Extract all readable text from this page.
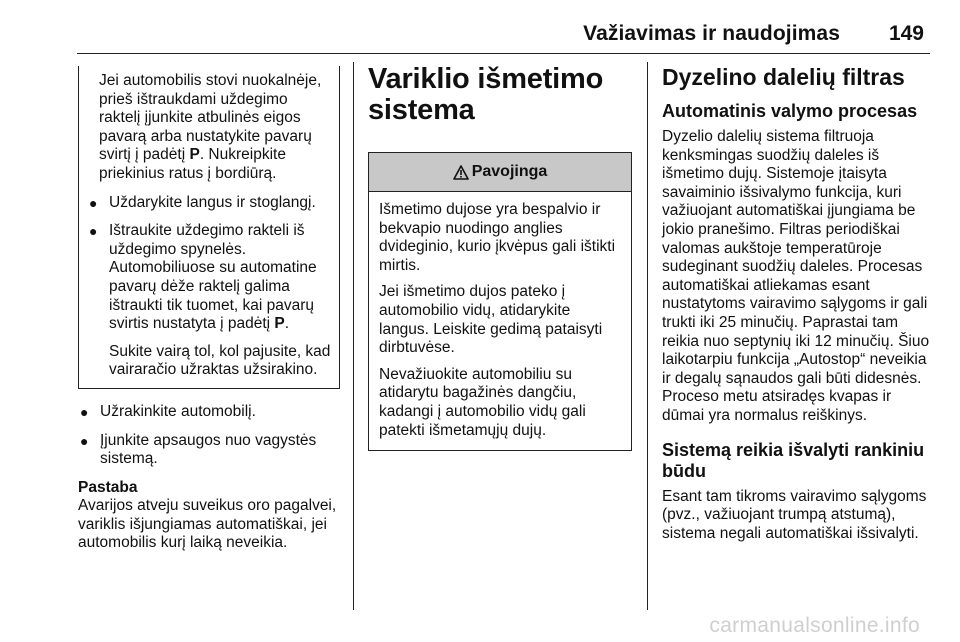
Važiavimas ir naudojimas 149

Jei automobilis stovi nuokalnėje, prieš ištraukdami uždegimo raktelį įjunkite atbulinės eigos pavarą arba nustatykite pavarų svirtį į padėtį P. Nukreipkite priekinius ratus į bordiūrą.

● Uždarykite langus ir stoglangį.
● Ištraukite uždegimo rakteli iš uždegimo spynelės. Automobiliuose su automatine pavarų dėže raktelį galima ištraukti tik tuomet, kai pavarų svirtis nustatyta į padėtį P.

Sukite vairą tol, kol pajusite, kad vairaračio užraktas užsirakino.

● Užrakinkite automobilį.
● Įjunkite apsaugos nuo vagystės sistemą.
Pastaba

Avarijos atveju suveikus oro pagalvei, variklis išjungiamas automatiškai, jei automobilis kurį laiką neveikia.

Variklio išmetimo
sistema
Pavojinga

Išmetimo dujose yra bespalvio ir bekvapio nuodingo anglies dvideginio, kurio įkvėpus gali ištikti mirtis.

Jei išmetimo dujos pateko į automobilio vidų, atidarykite langus. Leiskite gedimą pataisyti dirbtuvėse.

Nevažiuokite automobiliu su atidarytu bagažinės dangčiu, kadangi į automobilio vidų gali patekti išmetamųjų dujų.

Dyzelino dalelių filtras
Automatinis valymo procesas

Dyzelio dalelių sistema filtruoja kenksmingas suodžių daleles iš išmetimo dujų. Sistemoje įtaisyta savaiminio išsivalymo funkcija, kuri važiuojant automatiškai įjungiama be jokio pranešimo. Filtras periodiškai valomas aukštoje temperatūroje sudeginant suodžių daleles. Procesas automatiškai atliekamas esant nustatytoms vairavimo sąlygoms ir gali trukti iki 25 minučių. Paprastai tam reikia nuo septynių iki 12 minučių. Šiuo laikotarpiu funkcija „Autostop“ neveikia ir degalų sąnaudos gali būti didesnės. Proceso metu atsiradęs kvapas ir dūmai yra normalus reiškinys.

Sistemą reikia išvalyti rankiniu būdu

Esant tam tikroms vairavimo sąlygoms (pvz., važiuojant trumpą atstumą), sistema negali automatiškai išsivalyti.

carmanualsonline.info
